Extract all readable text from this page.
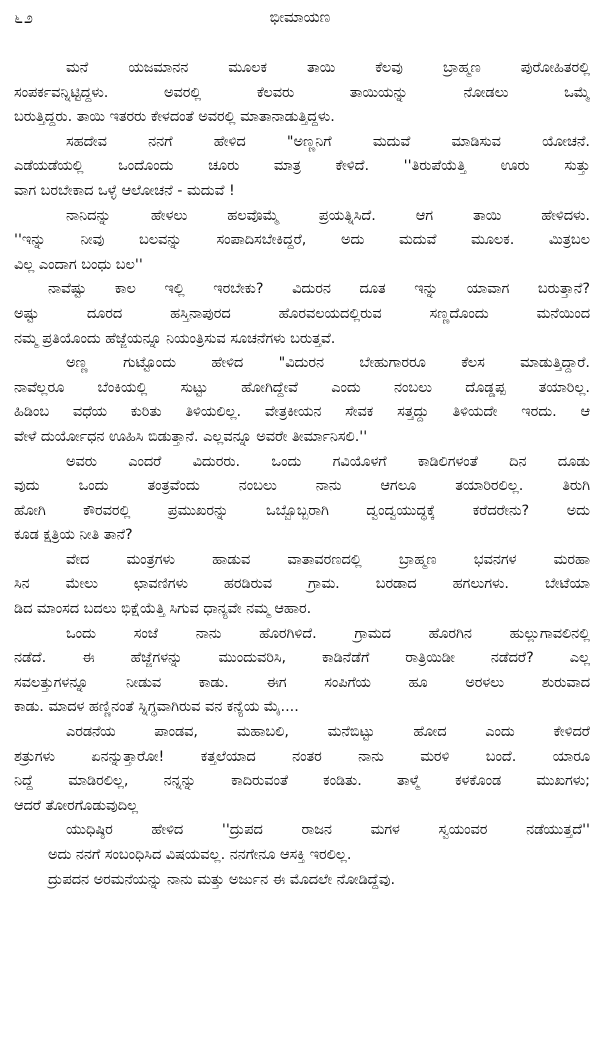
೬೨	ಭೀಮಾಯಣ
ಮನೆ ಯಜಮಾನನ ಮೂಲಕ ತಾಯಿ ಕೆಲವು ಬ್ರಾಹ್ಮಣ ಪುರೋಹಿತರಲ್ಲಿ
ಸಂಪರ್ಕವನ್ನಿಟ್ಟಿದ್ದಳು. ಅವರಲ್ಲಿ ಕೆಲವರು ತಾಯಿಯನ್ನು ನೋಡಲು ಒಮ್ಮೆ
ಬರುತ್ತಿದ್ದರು. ತಾಯಿ ಇತರರು ಕೇಳದಂತೆ ಅವರಲ್ಲಿ ಮಾತಾನಾಡುತ್ತಿದ್ದಳು.
ಸಹದೇವ ನನಗೆ ಹೇಳಿದ "ಅಣ್ಣನಿಗೆ ಮದುವೆ ಮಾಡಿಸುವ ಯೋಚನೆ.
ಎಡೆಯಡೆಯಲ್ಲಿ ಒಂದೊಂದು ಚೂರು ಮಾತ್ರ ಕೇಳಿದೆ. ''ತಿರುಪೆಯೆತ್ತಿ ಊರು ಸುತ್ತು
ವಾಗ ಬರಬೇಕಾದ ಒಳ್ಳೆ ಆಲೋಚನೆ - ಮದುವೆ !
ನಾನಿದನ್ನು ಹೇಳಲು ಹಲವೊಮ್ಮೆ ಪ್ರಯತ್ನಿಸಿದೆ. ಆಗ ತಾಯಿ ಹೇಳಿದಳು.
''ಇನ್ನು ನೀವು ಬಲವನ್ನು ಸಂಪಾದಿಸಬೇಕಿದ್ದರೆ, ಅದು ಮದುವೆ ಮೂಲಕ. ಮಿತ್ರಬಲ
ವಿಲ್ಲ ಎಂದಾಗ ಬಂಧು ಬಲ''
ನಾವೆಷ್ಟು ಕಾಲ ಇಲ್ಲಿ ಇರಬೇಕು? ವಿದುರನ ದೂತ ಇನ್ನು ಯಾವಾಗ ಬರುತ್ತಾನೆ?
ಅಷ್ಟು ದೂರದ ಹಸ್ತಿನಾಪುರದ ಹೊರವಲಯದಲ್ಲಿರುವ ಸಣ್ಣದೊಂದು ಮನೆಯಿಂದ
ನಮ್ಮ ಪ್ರತಿಯೊಂದು ಹೆಜ್ಜೆಯನ್ನೂ ನಿಯಂತ್ರಿಸುವ ಸೂಚನೆಗಳು ಬರುತ್ತವೆ.
ಅಣ್ಣ ಗುಟ್ಟೊಂದು ಹೇಳಿದ "ವಿದುರನ ಬೇಹುಗಾರರೂ ಕೆಲಸ ಮಾಡುತ್ತಿದ್ದಾರೆ.
ನಾವೆಲ್ಲರೂ ಬೆಂಕಿಯಲ್ಲಿ ಸುಟ್ಟು ಹೋಗಿದ್ದೇವೆ ಎಂದು ನಂಬಲು ದೊಡ್ಡಪ್ಪ ತಯಾರಿಲ್ಲ.
ಹಿಡಿಂಬ ವಧೆಯ ಕುರಿತು ತಿಳಿಯಲಿಲ್ಲ. ವೇತ್ರಕೀಯನ ಸೇವಕ ಸತ್ತದ್ದು ತಿಳಿಯದೇ ಇರದು. ಆ
ವೇಳೆ ದುರ್ಯೋಧನ ಊಹಿಸಿ ಬಿಡುತ್ತಾನೆ. ಎಲ್ಲವನ್ನೂ ಅವರೇ ತೀರ್ಮಾನಿಸಲಿ.''
ಅವರು ಎಂದರೆ ವಿದುರರು. ಒಂದು ಗವಿಯೊಳಗೆ ಕಾಡಿಲಿಗಳಂತೆ ದಿನ ದೂಡು
ವುದು ಒಂದು ತಂತ್ರವೆಂದು ನಂಬಲು ನಾನು ಆಗಲೂ ತಯಾರಿರಲಿಲ್ಲ. ತಿರುಗಿ
ಹೋಗಿ ಕೌರವರಲ್ಲಿ ಪ್ರಮುಖರನ್ನು ಒಬ್ಬೊಬ್ಬರಾಗಿ ದ್ವಂದ್ವಯುದ್ಧಕ್ಕೆ ಕರೆದರೇನು? ಅದು
ಕೂಡ ಕ್ಷತ್ರಿಯ ನೀತಿ ತಾನೆ?
ವೇದ ಮಂತ್ರಗಳು ಹಾಡುವ ವಾತಾವರಣದಲ್ಲಿ ಬ್ರಾಹ್ಮಣ ಭವನಗಳ ಮರಹಾ
ಸಿನ ಮೇಲು ಛಾವಣಿಗಳು ಹರಡಿರುವ ಗ್ರಾಮ. ಬರಡಾದ ಹಗಲುಗಳು. ಬೇಟೆಯಾ
ಡಿದ ಮಾಂಸದ ಬದಲು ಭಿಕ್ಷೆಯೆತ್ತಿ ಸಿಗುವ ಧಾನ್ಯವೇ ನಮ್ಮ ಆಹಾರ.
ಒಂದು ಸಂಜೆ ನಾನು ಹೊರಗಿಳಿದೆ. ಗ್ರಾಮದ ಹೊರಗಿನ ಹುಲ್ಲುಗಾವಲಿನಲ್ಲಿ
ನಡೆದೆ. ಈ ಹೆಜ್ಜೆಗಳನ್ನು ಮುಂದುವರಿಸಿ, ಕಾಡಿನೆಡೆಗೆ ರಾತ್ರಿಯಿಡೀ ನಡೆದರೆ? ಎಲ್ಲ
ಸವಲತ್ತುಗಳನ್ನೂ ನೀಡುವ ಕಾಡು. ಈಗ ಸಂಪಿಗೆಯ ಹೂ ಅರಳಲು ಶುರುವಾದ
ಕಾಡು. ಮಾದಳ ಹಣ್ಣಿನಂತೆ ಸ್ನಿಗ್ಧವಾಗಿರುವ ವನ ಕನ್ಯೆಯ ಮೈ....
ಎರಡನೆಯ ಪಾಂಡವ, ಮಹಾಬಲಿ, ಮನೆಬಿಟ್ಟು ಹೋದ ಎಂದು ಕೇಳಿದರೆ
ಶತ್ರುಗಳು ಏನನ್ನುತ್ತಾರೋ! ಕತ್ತಲೆಯಾದ ನಂತರ ನಾನು ಮರಳಿ ಬಂದೆ. ಯಾರೂ
ನಿದ್ದೆ ಮಾಡಿರಲಿಲ್ಲ, ನನ್ನನ್ನು ಕಾದಿರುವಂತೆ ಕಂಡಿತು. ತಾಳ್ಮೆ ಕಳಕೊಂಡ ಮುಖಗಳು;
ಆದರೆ ತೋರಗೊಡುವುದಿಲ್ಲ
ಯುಧಿಷ್ಠಿರ ಹೇಳಿದ ''ದ್ರುಪದ ರಾಜನ ಮಗಳ ಸ್ವಯಂವರ ನಡೆಯುತ್ತದೆ''
ಅದು ನನಗೆ ಸಂಬಂಧಿಸಿದ ವಿಷಯವಲ್ಲ. ನನಗೇನೂ ಆಸಕ್ತಿ ಇರಲಿಲ್ಲ.
ದ್ರುಪದನ ಅರಮನೆಯನ್ನು ನಾನು ಮತ್ತು ಅರ್ಜುನ ಈ ಮೊದಲೇ ನೋಡಿದ್ದೆವು.
